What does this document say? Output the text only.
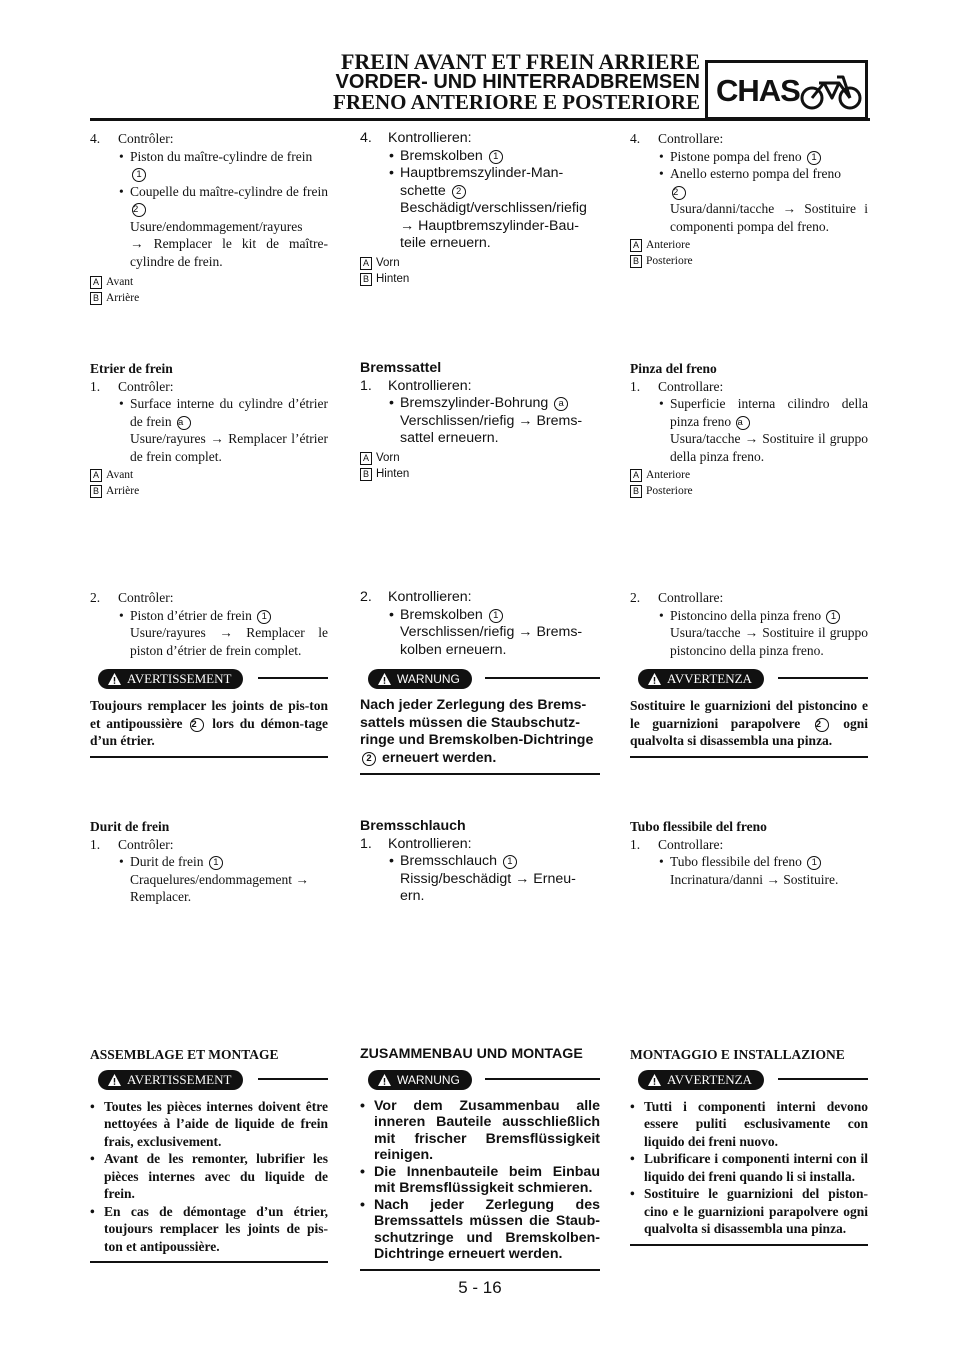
FREIN AVANT ET FREIN ARRIERE
VORDER- UND HINTERRADBREMSEN
FRENO ANTERIORE E POSTERIORE CHAS
4. Contrôler:
• Piston du maître-cylindre de frein
1
• Coupelle du maître-cylindre de frein 2
Usure/endommagement/rayures
→ Remplacer le kit de maître-cylindre de frein.
A Avant
B Arrière
Etrier de frein
1. Contrôler:
• Surface interne du cylindre d’étrier de frein a
Usure/rayures → Remplacer l’étrier de frein complet.
A Avant
B Arrière
2. Contrôler:
• Piston d’étrier de frein 1
Usure/rayures → Remplacer le piston d’étrier de frein complet.
AVERTISSEMENT
Toujours remplacer les joints de pis-ton et antipoussière 2 lors du démon-tage d’un étrier.
Durit de frein
1. Contrôler:
• Durit de frein 1
Craquelures/endommagement →
Remplacer.
ASSEMBLAGE ET MONTAGE
AVERTISSEMENT
• Toutes les pièces internes doivent être nettoyées à l’aide de liquide de frein frais, exclusivement.
• Avant de les remonter, lubrifier les pièces internes avec du liquide de frein.
• En cas de démontage d’un étrier, toujours remplacer les joints de pis-ton et antipoussière.
4. Kontrollieren:
• Bremskolben 1
• Hauptbremszylinder-Man-schette 2
Beschädigt/verschlissen/riefig
→ Hauptbremszylinder-Bau-teile erneuern.
A Vorn
B Hinten
Bremssattel
1. Kontrollieren:
• Bremszylinder-Bohrung a
Verschlissen/riefig → Brems-sattel erneuern.
A Vorn
B Hinten
2. Kontrollieren:
• Bremskolben 1
Verschlissen/riefig → Brems-kolben erneuern.
WARNUNG
Nach jeder Zerlegung des Brems-sattels müssen die Staubschutz-ringe und Bremskolben-Dichtringe 2 erneuert werden.
Bremsschlauch
1. Kontrollieren:
• Bremsschlauch 1
Rissig/beschädigt → Erneu-ern.
ZUSAMMENBAU UND MONTAGE
WARNUNG
• Vor dem Zusammenbau alle inneren Bauteile ausschließlich mit frischer Bremsflüssigkeit reinigen.
• Die Innenbauteile beim Einbau mit Bremsflüssigkeit schmieren.
• Nach jeder Zerlegung des Bremssattels müssen die Staub-schutzringe und Bremskolben-Dichtringe erneuert werden.
4. Controllare:
• Pistone pompa del freno 1
• Anello esterno pompa del freno
2
Usura/danni/tacche → Sostituire i componenti pompa del freno.
A Anteriore
B Posteriore
Pinza del freno
1. Controllare:
• Superficie interna cilindro della pinza freno a
Usura/tacche → Sostituire il gruppo della pinza freno.
A Anteriore
B Posteriore
2. Controllare:
• Pistoncino della pinza freno 1
Usura/tacche → Sostituire il gruppo pistoncino della pinza freno.
AVVERTENZA
Sostituire le guarnizioni del pistoncino e le guarnizioni parapolvere 2 ogni qualvolta si disassembla una pinza.
Tubo flessibile del freno
1. Controllare:
• Tubo flessibile del freno 1
Incrinatura/danni → Sostituire.
MONTAGGIO E INSTALLAZIONE
AVVERTENZA
• Tutti i componenti interni devono essere puliti esclusivamente con liquido dei freni nuovo.
• Lubrificare i componenti interni con il liquido dei freni quando li si installa.
• Sostituire le guarnizioni del piston-cino e le guarnizioni parapolvere ogni qualvolta si disassembla una pinza.
5 - 16
